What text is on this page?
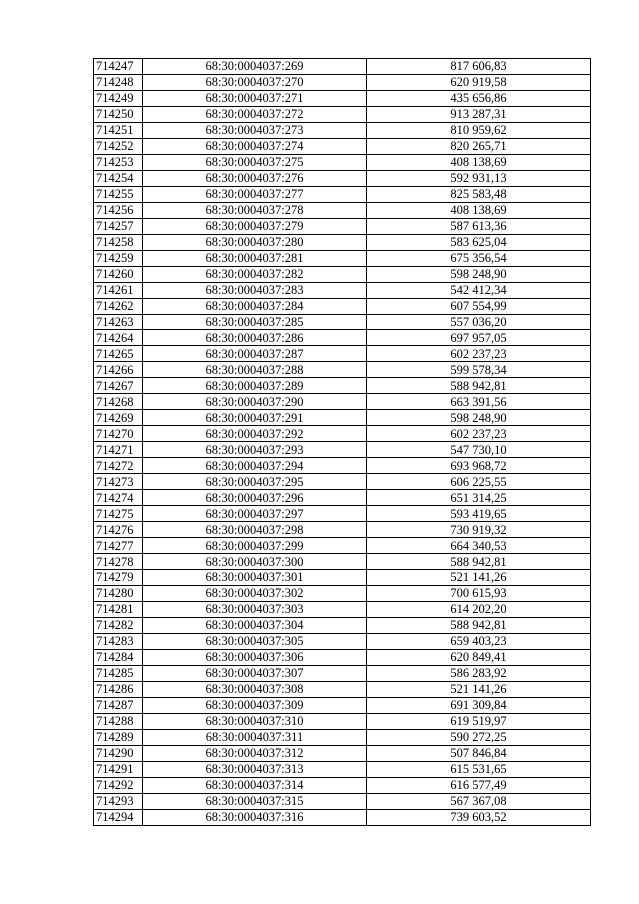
714247	68:30:0004037:269	817 606,83
714248	68:30:0004037:270	620 919,58
714249	68:30:0004037:271	435 656,86
714250	68:30:0004037:272	913 287,31
714251	68:30:0004037:273	810 959,62
714252	68:30:0004037:274	820 265,71
714253	68:30:0004037:275	408 138,69
714254	68:30:0004037:276	592 931,13
714255	68:30:0004037:277	825 583,48
714256	68:30:0004037:278	408 138,69
714257	68:30:0004037:279	587 613,36
714258	68:30:0004037:280	583 625,04
714259	68:30:0004037:281	675 356,54
714260	68:30:0004037:282	598 248,90
714261	68:30:0004037:283	542 412,34
714262	68:30:0004037:284	607 554,99
714263	68:30:0004037:285	557 036,20
714264	68:30:0004037:286	697 957,05
714265	68:30:0004037:287	602 237,23
714266	68:30:0004037:288	599 578,34
714267	68:30:0004037:289	588 942,81
714268	68:30:0004037:290	663 391,56
714269	68:30:0004037:291	598 248,90
714270	68:30:0004037:292	602 237,23
714271	68:30:0004037:293	547 730,10
714272	68:30:0004037:294	693 968,72
714273	68:30:0004037:295	606 225,55
714274	68:30:0004037:296	651 314,25
714275	68:30:0004037:297	593 419,65
714276	68:30:0004037:298	730 919,32
714277	68:30:0004037:299	664 340,53
714278	68:30:0004037:300	588 942,81
714279	68:30:0004037:301	521 141,26
714280	68:30:0004037:302	700 615,93
714281	68:30:0004037:303	614 202,20
714282	68:30:0004037:304	588 942,81
714283	68:30:0004037:305	659 403,23
714284	68:30:0004037:306	620 849,41
714285	68:30:0004037:307	586 283,92
714286	68:30:0004037:308	521 141,26
714287	68:30:0004037:309	691 309,84
714288	68:30:0004037:310	619 519,97
714289	68:30:0004037:311	590 272,25
714290	68:30:0004037:312	507 846,84
714291	68:30:0004037:313	615 531,65
714292	68:30:0004037:314	616 577,49
714293	68:30:0004037:315	567 367,08
714294	68:30:0004037:316	739 603,52
